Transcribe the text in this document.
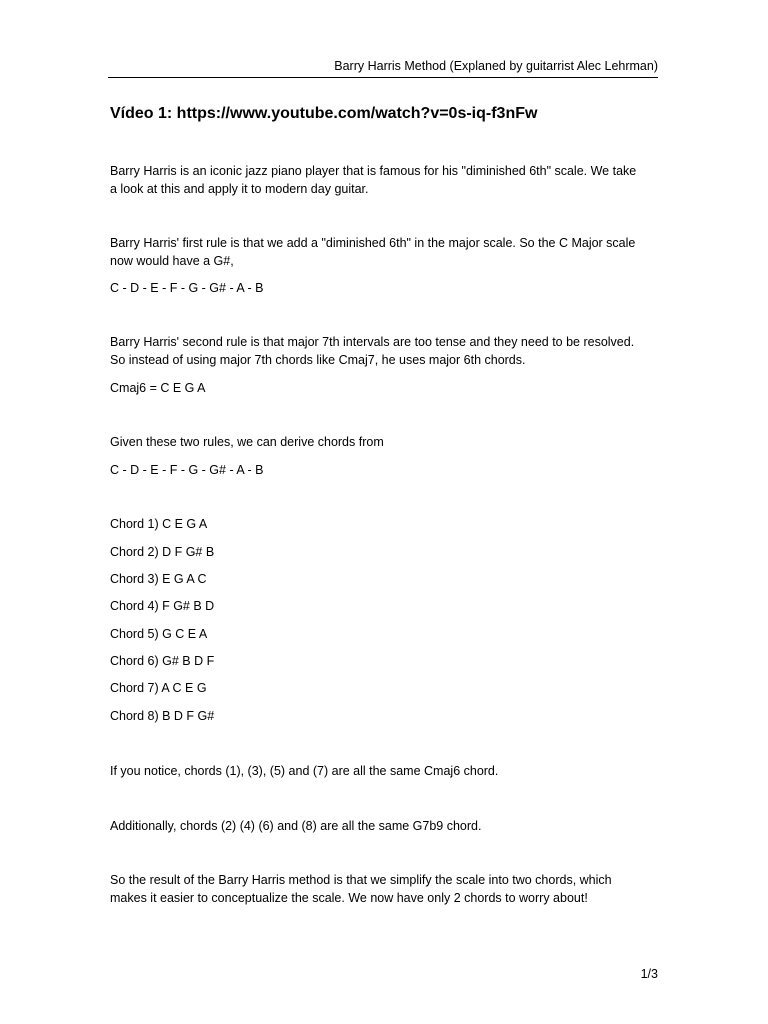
Barry Harris Method (Explaned by guitarrist Alec Lehrman)
Vídeo 1: https://www.youtube.com/watch?v=0s-iq-f3nFw
Barry Harris is an iconic jazz piano player that is famous for his "diminished 6th" scale. We take
a look at this and apply it to modern day guitar.
Barry Harris' first rule is that we add a "diminished 6th" in the major scale. So the C Major scale
now would have a G#,
C - D - E - F - G - G# - A - B
Barry Harris' second rule is that major 7th intervals are too tense and they need to be resolved.
So instead of using major 7th chords like Cmaj7, he uses major 6th chords.
Cmaj6 = C E G A
Given these two rules, we can derive chords from
C - D - E - F - G - G# - A - B
Chord 1) C E G A
Chord 2) D F G# B
Chord 3) E G A C
Chord 4) F G# B D
Chord 5) G C E A
Chord 6) G# B D F
Chord 7) A C E G
Chord 8) B D F G#
If you notice, chords (1), (3), (5) and (7) are all the same Cmaj6 chord.
Additionally, chords (2) (4) (6) and (8) are all the same G7b9 chord.
So the result of the Barry Harris method is that we simplify the scale into two chords, which
makes it easier to conceptualize the scale. We now have only 2 chords to worry about!
1/3
